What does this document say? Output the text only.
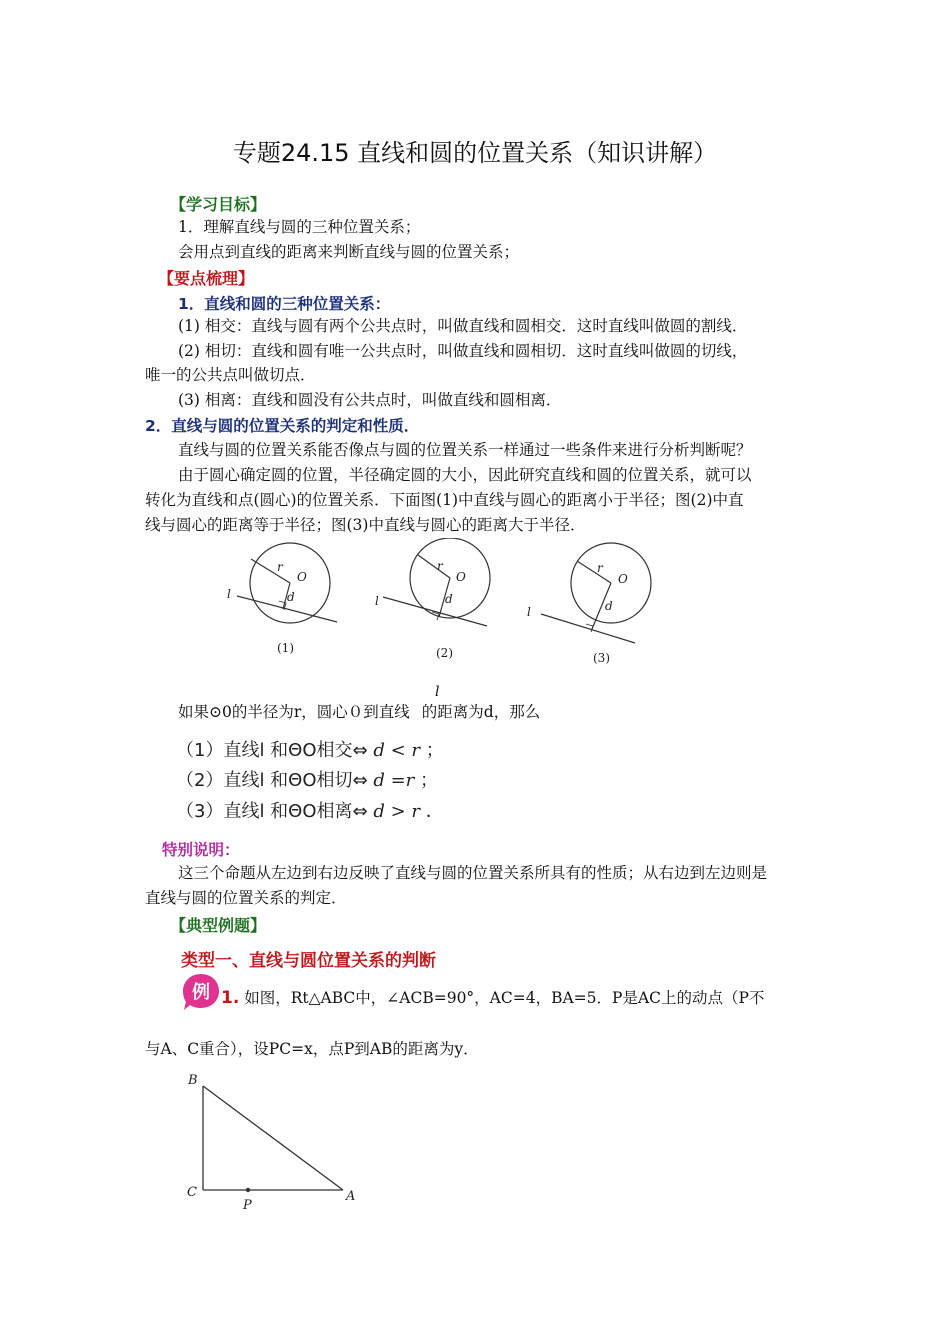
专题24.15 直线和圆的位置关系（知识讲解）
【学习目标】
1．理解直线与圆的三种位置关系；
会用点到直线的距离来判断直线与圆的位置关系；
【要点梳理】
1．直线和圆的三种位置关系：
(1) 相交：直线与圆有两个公共点时，叫做直线和圆相交．这时直线叫做圆的割线．
(2) 相切：直线和圆有唯一公共点时，叫做直线和圆相切．这时直线叫做圆的切线，
唯一的公共点叫做切点．
(3) 相离：直线和圆没有公共点时，叫做直线和圆相离．
2．直线与圆的位置关系的判定和性质．
直线与圆的位置关系能否像点与圆的位置关系一样通过一些条件来进行分析判断呢？
由于圆心确定圆的位置，半径确定圆的大小，因此研究直线和圆的位置关系，就可以
转化为直线和点(圆心)的位置关系．下面图(1)中直线与圆心的距离小于半径；图(2)中直
线与圆心的距离等于半径；图(3)中直线与圆心的距离大于半径．
l
r
O
d	l
r
O
d
l
r
O
d
(1)	(2)	(3)
如果⊙0的半径为r，圆心０到直线 的距离为d，那么
l
（1）直线l 和ΘO相交⇔ d < r ；
（2）直线l 和ΘO相切⇔ d =r ；
（3）直线l 和ΘO相离⇔ d > r ．
特别说明：
这三个命题从左边到右边反映了直线与圆的位置关系所具有的性质；从右边到左边则是
直线与圆的位置关系的判定．
【典型例题】
类型一、直线与圆位置关系的判断
例 1. 如图，Rt△ABC中，∠ACB=90°，AC=4，BA=5．P是AC上的动点（P不
与A、C重合），设PC=x，点P到AB的距离为y．
B
C	A
P
